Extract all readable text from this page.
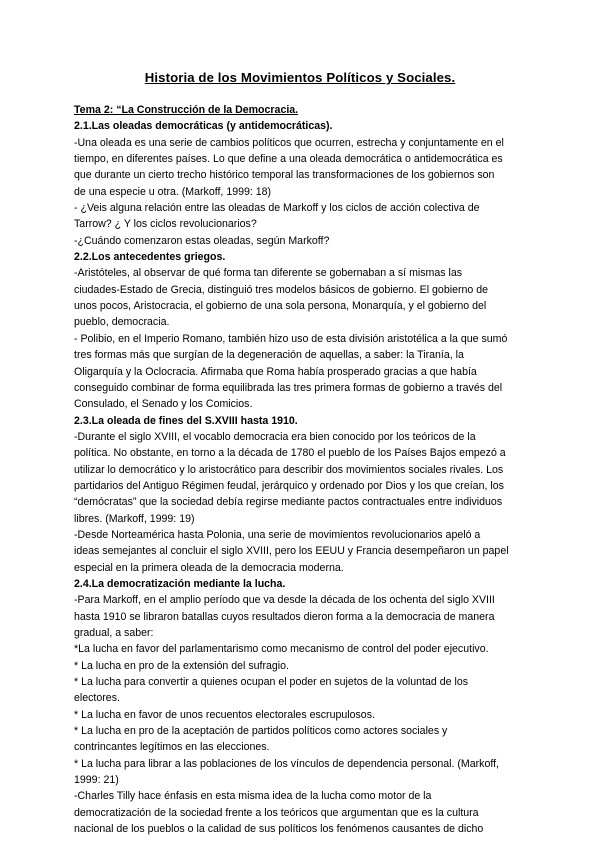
Historia de los Movimientos Políticos y Sociales.

Tema 2: “La Construcción de la Democracia.

2.1.Las oleadas democráticas (y antidemocráticas).

-Una oleada es una serie de cambios políticos que ocurren, estrecha y conjuntamente en el

tiempo, en diferentes países. Lo que define a una oleada democrática o antidemocrática es

que durante un cierto trecho histórico temporal las transformaciones de los gobiernos son

de una especie u otra. (Markoff, 1999: 18)

- ¿Veis alguna relación entre las oleadas de Markoff y los ciclos de acción colectiva de

Tarrow? ¿ Y los ciclos revolucionarios?

-¿Cuándo comenzaron estas oleadas, según Markoff?

2.2.Los antecedentes griegos.

-Aristóteles, al observar de qué forma tan diferente se gobernaban a sí mismas las

ciudades-Estado de Grecia, distinguió tres modelos básicos de gobierno. El gobierno de

unos pocos, Aristocracia, el gobierno de una sola persona, Monarquía, y el gobierno del

pueblo, democracia.

- Polibio, en el Imperio Romano, también hizo uso de esta división aristotélica a la que sumó

tres formas más que surgían de la degeneración de aquellas, a saber: la Tiranía, la

Oligarquía y la Oclocracia. Afirmaba que Roma había prosperado gracias a que había

conseguido combinar de forma equilibrada las tres primera formas de gobierno a través del

Consulado, el Senado y los Comicios.

2.3.La oleada de fines del S.XVIII hasta 1910.

-Durante el siglo XVIII, el vocablo democracia era bien conocido por los teóricos de la

política. No obstante, en torno a la década de 1780 el pueblo de los Países Bajos empezó a

utilizar lo democrático y lo aristocrático para describir dos movimientos sociales rivales. Los

partidarios del Antiguo Régimen feudal, jerárquico y ordenado por Dios y los que creían, los

“demócratas” que la sociedad debía regirse mediante pactos contractuales entre individuos

libres. (Markoff, 1999: 19)

-Desde Norteamérica hasta Polonia, una serie de movimientos revolucionarios apeló a

ideas semejantes al concluir el siglo XVIII, pero los EEUU y Francia desempeñaron un papel

especial en la primera oleada de la democracia moderna.

2.4.La democratización mediante la lucha.

-Para Markoff, en el amplio período que va desde la década de los ochenta del siglo XVIII

hasta 1910 se libraron batallas cuyos resultados dieron forma a la democracia de manera

gradual, a saber:

*La lucha en favor del parlamentarismo como mecanismo de control del poder ejecutivo.

* La lucha en pro de la extensión del sufragio.

* La lucha para convertir a quienes ocupan el poder en sujetos de la voluntad de los

electores.

* La lucha en favor de unos recuentos electorales escrupulosos.

* La lucha en pro de la aceptación de partidos políticos como actores sociales y

contrincantes legítimos en las elecciones.

* La lucha para librar a las poblaciones de los vínculos de dependencia personal. (Markoff,

1999: 21)

-Charles Tilly hace énfasis en esta misma idea de la lucha como motor de la

democratización de la sociedad frente a los teóricos que argumentan que es la cultura

nacional de los pueblos o la calidad de sus políticos los fenómenos causantes de dicho
